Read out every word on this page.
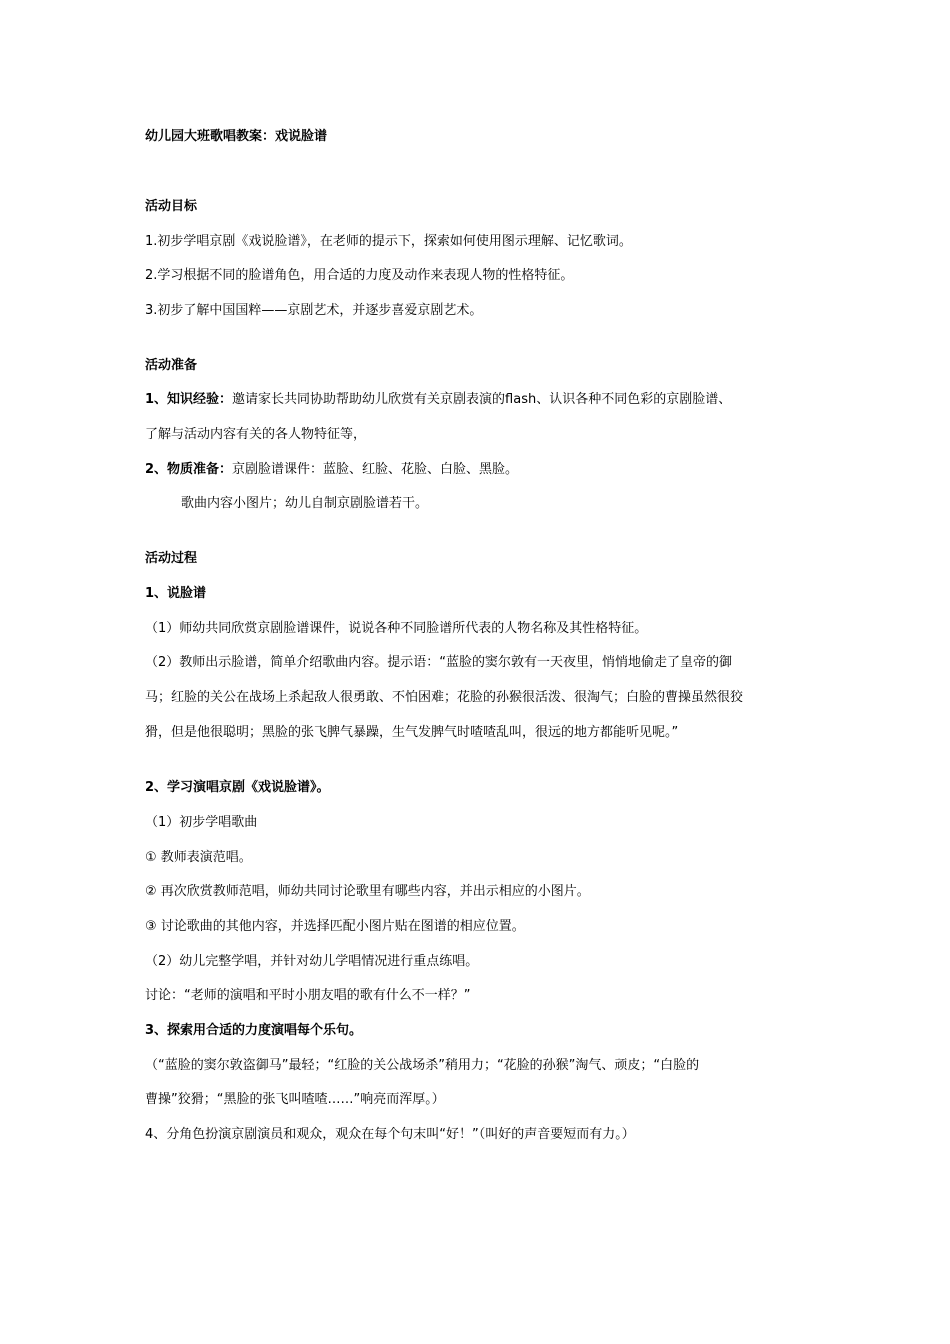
幼儿园大班歌唱教案：戏说脸谱
活动目标
1.初步学唱京剧《戏说脸谱》，在老师的提示下，探索如何使用图示理解、记忆歌词。
2.学习根据不同的脸谱角色，用合适的力度及动作来表现人物的性格特征。
3.初步了解中国国粹——京剧艺术，并逐步喜爱京剧艺术。
活动准备
1、知识经验：邀请家长共同协助帮助幼儿欣赏有关京剧表演的flash、认识各种不同色彩的京剧脸谱、
了解与活动内容有关的各人物特征等，
2、物质准备：京剧脸谱课件：蓝脸、红脸、花脸、白脸、黑脸。
歌曲内容小图片；幼儿自制京剧脸谱若干。
活动过程
1、说脸谱
（1）师幼共同欣赏京剧脸谱课件，说说各种不同脸谱所代表的人物名称及其性格特征。
（2）教师出示脸谱，简单介绍歌曲内容。提示语：“蓝脸的窦尔敦有一天夜里，悄悄地偷走了皇帝的御
马；红脸的关公在战场上杀起敌人很勇敢、不怕困难；花脸的孙猴很活泼、很淘气；白脸的曹操虽然很狡
猾，但是他很聪明；黑脸的张飞脾气暴躁，生气发脾气时喳喳乱叫，很远的地方都能听见呢。”
2、学习演唱京剧《戏说脸谱》。
（1）初步学唱歌曲
① 教师表演范唱。
② 再次欣赏教师范唱，师幼共同讨论歌里有哪些内容，并出示相应的小图片。
③ 讨论歌曲的其他内容，并选择匹配小图片贴在图谱的相应位置。
（2）幼儿完整学唱，并针对幼儿学唱情况进行重点练唱。
讨论：“老师的演唱和平时小朋友唱的歌有什么不一样？”
3、探索用合适的力度演唱每个乐句。
（“蓝脸的窦尔敦盗御马”最轻；“红脸的关公战场杀”稍用力；“花脸的孙猴”淘气、顽皮；“白脸的
曹操”狡猾；“黑脸的张飞叫喳喳……”响亮而浑厚。）
4、分角色扮演京剧演员和观众，观众在每个句末叫“好！”（叫好的声音要短而有力。）
